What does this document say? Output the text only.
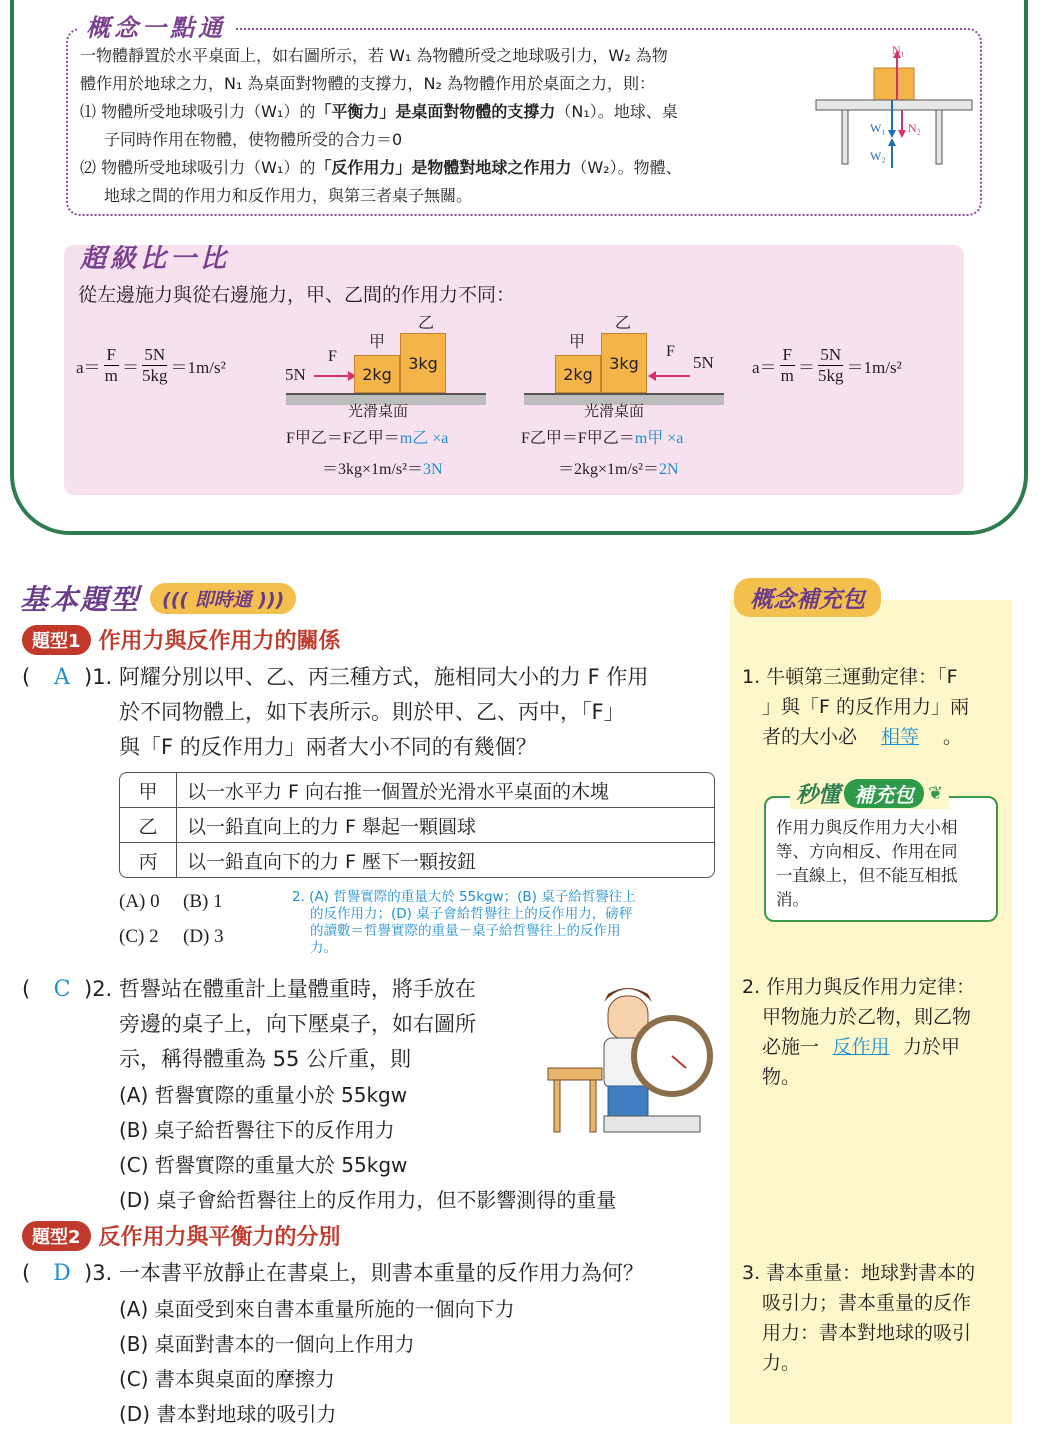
概念一點通
一物體靜置於水平桌面上，如右圖所示，若 W₁ 為物體所受之地球吸引力，W₂ 為物
體作用於地球之力，N₁ 為桌面對物體的支撐力，N₂ 為物體作用於桌面之力，則：
⑴ 物體所受地球吸引力（W₁）的「平衡力」是桌面對物體的支撐力（N₁）。地球、桌
子同時作用在物體，使物體所受的合力＝0
⑵ 物體所受地球吸引力（W₁）的「反作用力」是物體對地球之作用力（W₂）。物體、
地球之間的作用力和反作用力，與第三者桌子無關。
N₁
W₁ N₂
W₂
超級比一比
從左邊施力與從右邊施力，甲、乙間的作用力不同：
$a= \frac{F}{m}$ ＝
5N
5kg ＝1m/s²	5N
F
甲
乙
2kg
3kg
光滑桌面
F甲乙＝F乙甲＝m乙 ×a
＝3kg×1m/s²＝3N
甲
乙
2kg
3kg
F
5N
光滑桌面
F乙甲＝F甲乙＝m甲 ×a
＝2kg×1m/s²＝2N
$a= \frac{F}{m}$ ＝
5N
5kg ＝1m/s²
基本題型	((( 即時通 )))
題型1 作用力與反作用力的關係
(	A )1. 阿耀分別以甲、乙、丙三種方式，施相同大小的力 F 作用
於不同物體上，如下表所示。則於甲、乙、丙中，「F」
與「F 的反作用力」兩者大小不同的有幾個？
甲	以一水平力 F 向右推一個置於光滑水平桌面的木塊
乙	以一鉛直向上的力 F 舉起一顆圓球
丙	以一鉛直向下的力 F 壓下一顆按鈕
(A) 0 (B) 1
(C) 2 (D) 3
2. (A) 哲譽實際的重量大於 55kgw；(B) 桌子給哲譽往上
的反作用力；(D) 桌子會給哲譽往上的反作用力，磅秤
的讀數＝哲譽實際的重量－桌子給哲譽往上的反作用
力。
(	C )2. 哲譽站在體重計上量體重時，將手放在
旁邊的桌子上，向下壓桌子，如右圖所
示，稱得體重為 55 公斤重，則
(A) 哲譽實際的重量小於 55kgw
(B) 桌子給哲譽往下的反作用力
(C) 哲譽實際的重量大於 55kgw
(D) 桌子會給哲譽往上的反作用力，但不影響測得的重量
題型2 反作用力與平衡力的分別
(	D )3. 一本書平放靜止在書桌上，則書本重量的反作用力為何？
(A) 桌面受到來自書本重量所施的一個向下力
(B) 桌面對書本的一個向上作用力
(C) 書本與桌面的摩擦力
(D) 書本對地球的吸引力
概念補充包
1. 牛頓第三運動定律：「F
」與「F 的反作用力」兩
者的大小必 相等 。
秒懂 補充包 ❦
作用力與反作用力大小相
等、方向相反、作用在同
一直線上，但不能互相抵
消。
2. 作用力與反作用力定律：
甲物施力於乙物，則乙物
必施一 反作用 力於甲
物。
3. 書本重量：地球對書本的
吸引力；書本重量的反作
用力：書本對地球的吸引
力。
